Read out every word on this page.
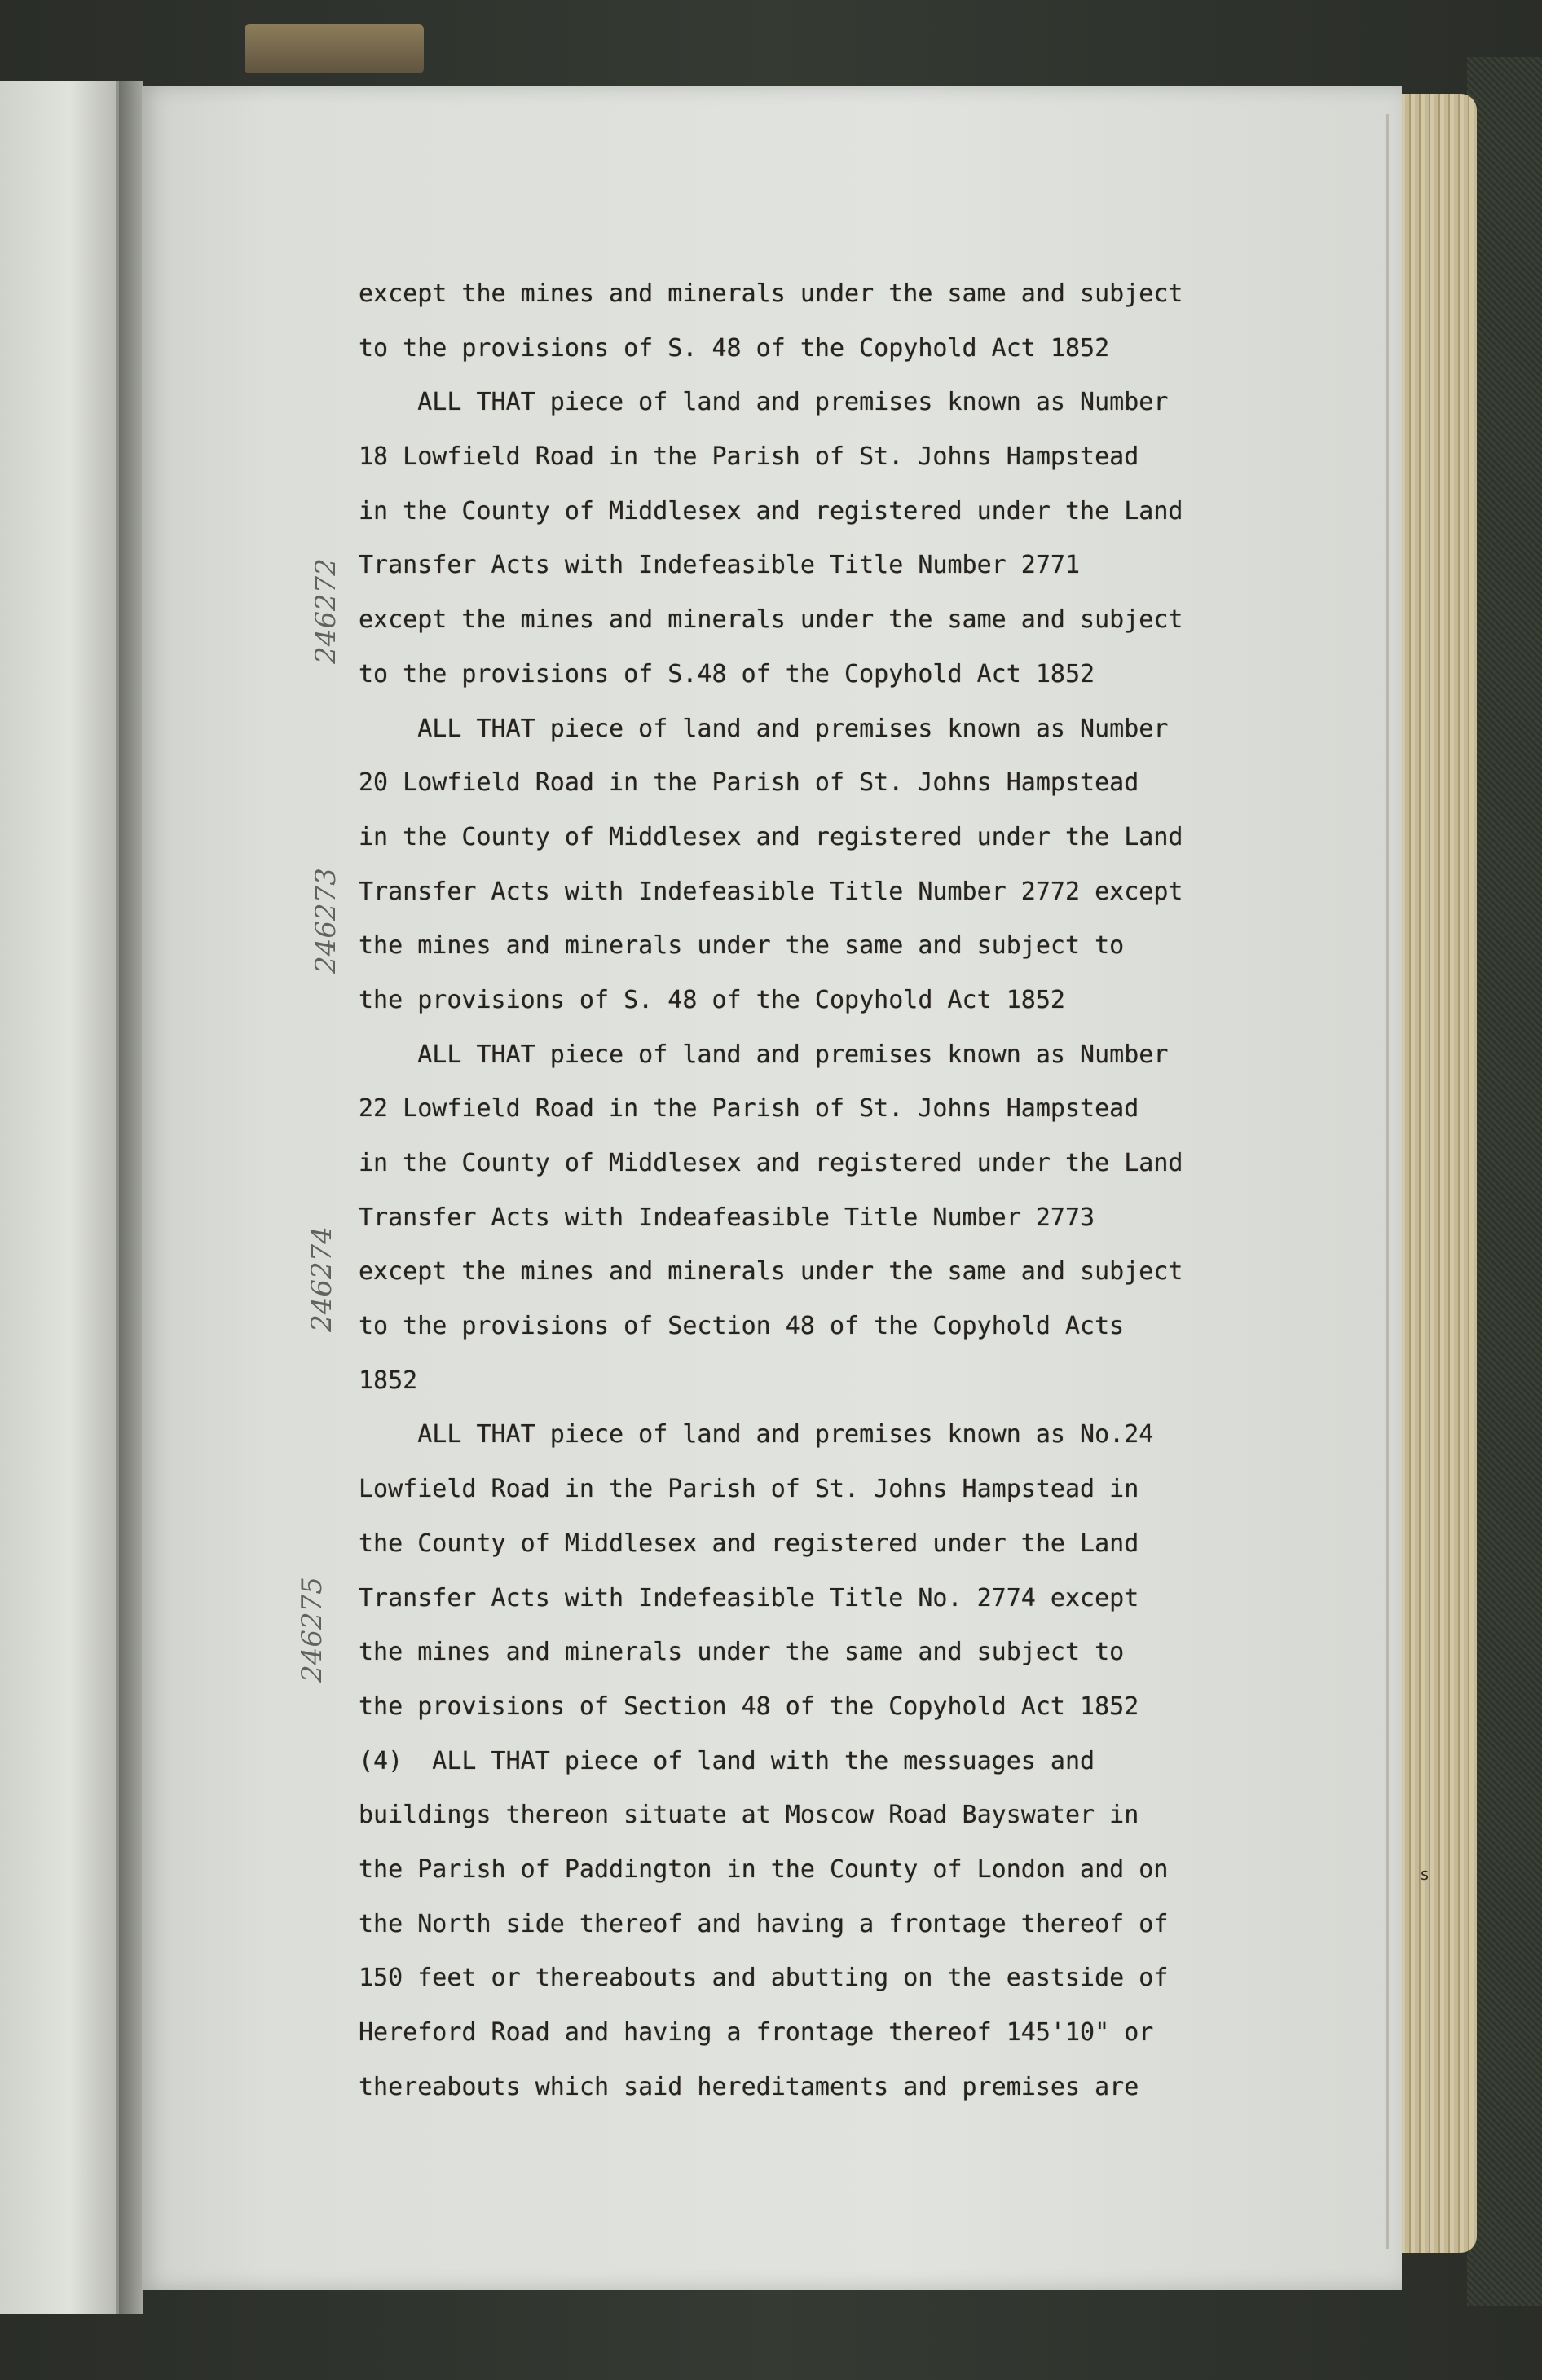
except the mines and minerals under the same and subject
to the provisions of S. 48 of the Copyhold Act 1852
ALL THAT piece of land and premises known as Number
18 Lowfield Road in the Parish of St. Johns Hampstead
in the County of Middlesex and registered under the Land
Transfer Acts with Indefeasible Title Number 2771
except the mines and minerals under the same and subject
to the provisions of S.48 of the Copyhold Act 1852
ALL THAT piece of land and premises known as Number
20 Lowfield Road in the Parish of St. Johns Hampstead
in the County of Middlesex and registered under the Land
Transfer Acts with Indefeasible Title Number 2772 except
the mines and minerals under the same and subject to
the provisions of S. 48 of the Copyhold Act 1852
ALL THAT piece of land and premises known as Number
22 Lowfield Road in the Parish of St. Johns Hampstead
in the County of Middlesex and registered under the Land
Transfer Acts with Indeafeasible Title Number 2773
except the mines and minerals under the same and subject
to the provisions of Section 48 of the Copyhold Acts
1852
ALL THAT piece of land and premises known as No.24
Lowfield Road in the Parish of St. Johns Hampstead in
the County of Middlesex and registered under the Land
Transfer Acts with Indefeasible Title No. 2774 except
the mines and minerals under the same and subject to
the provisions of Section 48 of the Copyhold Act 1852
(4)  ALL THAT piece of land with the messuages and
buildings thereon situate at Moscow Road Bayswater in
the Parish of Paddington in the County of London and on
the North side thereof and having a frontage thereof of
150 feet or thereabouts and abutting on the eastside of
Hereford Road and having a frontage thereof 145'10" or
thereabouts which said hereditaments and premises are
246272
246273
246274
246275
s
